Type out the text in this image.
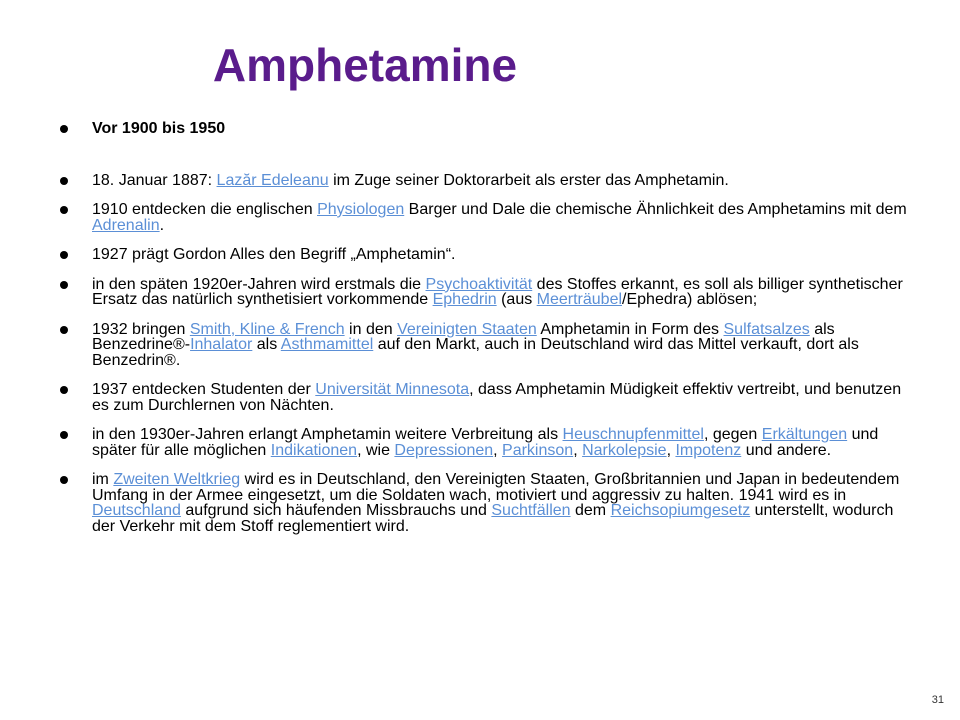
Amphetamine
Vor 1900 bis 1950
18. Januar 1887: Lazăr Edeleanu im Zuge seiner Doktorarbeit als erster das Amphetamin.
1910 entdecken die englischen Physiologen Barger und Dale die chemische Ähnlichkeit des Amphetamins mit dem Adrenalin.
1927 prägt Gordon Alles den Begriff „Amphetamin“.
in den späten 1920er-Jahren wird erstmals die Psychoaktivität des Stoffes erkannt, es soll als billiger synthetischer Ersatz das natürlich synthetisiert vorkommende Ephedrin (aus Meerträubel/Ephedra) ablösen;
1932 bringen Smith, Kline & French in den Vereinigten Staaten Amphetamin in Form des Sulfatsalzes als Benzedrine®-Inhalator als Asthmamittel auf den Markt, auch in Deutschland wird das Mittel verkauft, dort als Benzedrin®.
1937 entdecken Studenten der Universität Minnesota, dass Amphetamin Müdigkeit effektiv vertreibt, und benutzen es zum Durchlernen von Nächten.
in den 1930er-Jahren erlangt Amphetamin weitere Verbreitung als Heuschnupfenmittel, gegen Erkältungen und später für alle möglichen Indikationen, wie Depressionen, Parkinson, Narkolepsie, Impotenz und andere.
im Zweiten Weltkrieg wird es in Deutschland, den Vereinigten Staaten, Großbritannien und Japan in bedeutendem Umfang in der Armee eingesetzt, um die Soldaten wach, motiviert und aggressiv zu halten. 1941 wird es in Deutschland aufgrund sich häufenden Missbrauchs und Suchtfällen dem Reichsopiumgesetz unterstellt, wodurch der Verkehr mit dem Stoff reglementiert wird.
31
